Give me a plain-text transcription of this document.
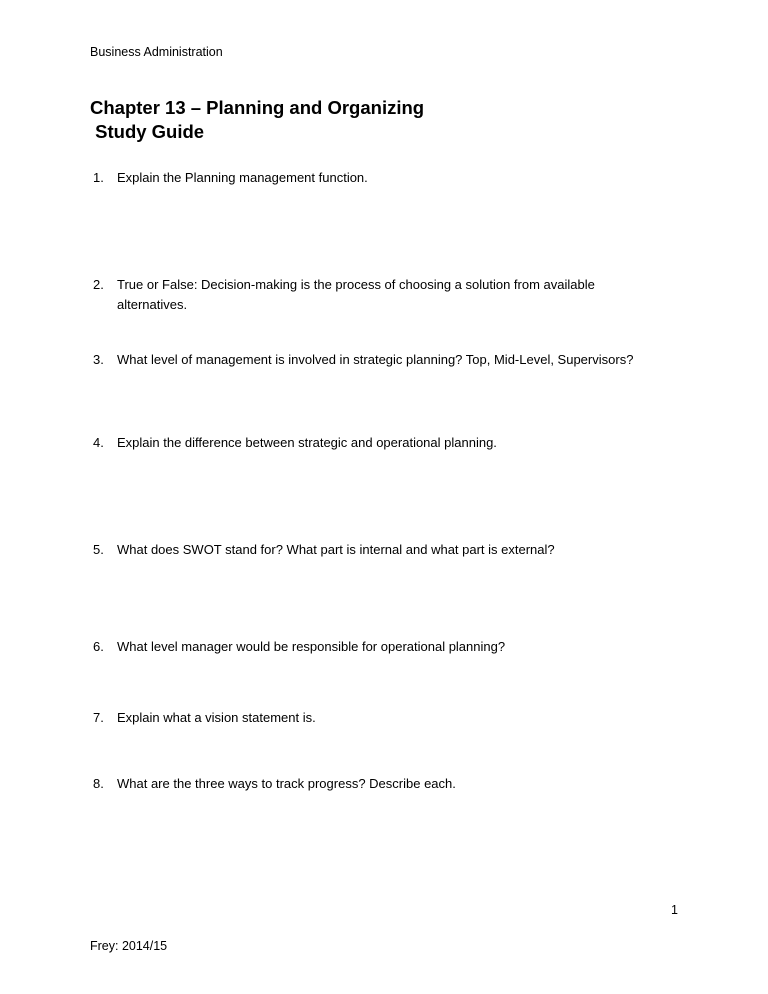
Business Administration
Chapter 13 – Planning and Organizing
Study Guide
1. Explain the Planning management function.
2. True or False: Decision-making is the process of choosing a solution from available alternatives.
3. What level of management is involved in strategic planning? Top, Mid-Level, Supervisors?
4. Explain the difference between strategic and operational planning.
5. What does SWOT stand for? What part is internal and what part is external?
6. What level manager would be responsible for operational planning?
7. Explain what a vision statement is.
8. What are the three ways to track progress? Describe each.
1
Frey: 2014/15
